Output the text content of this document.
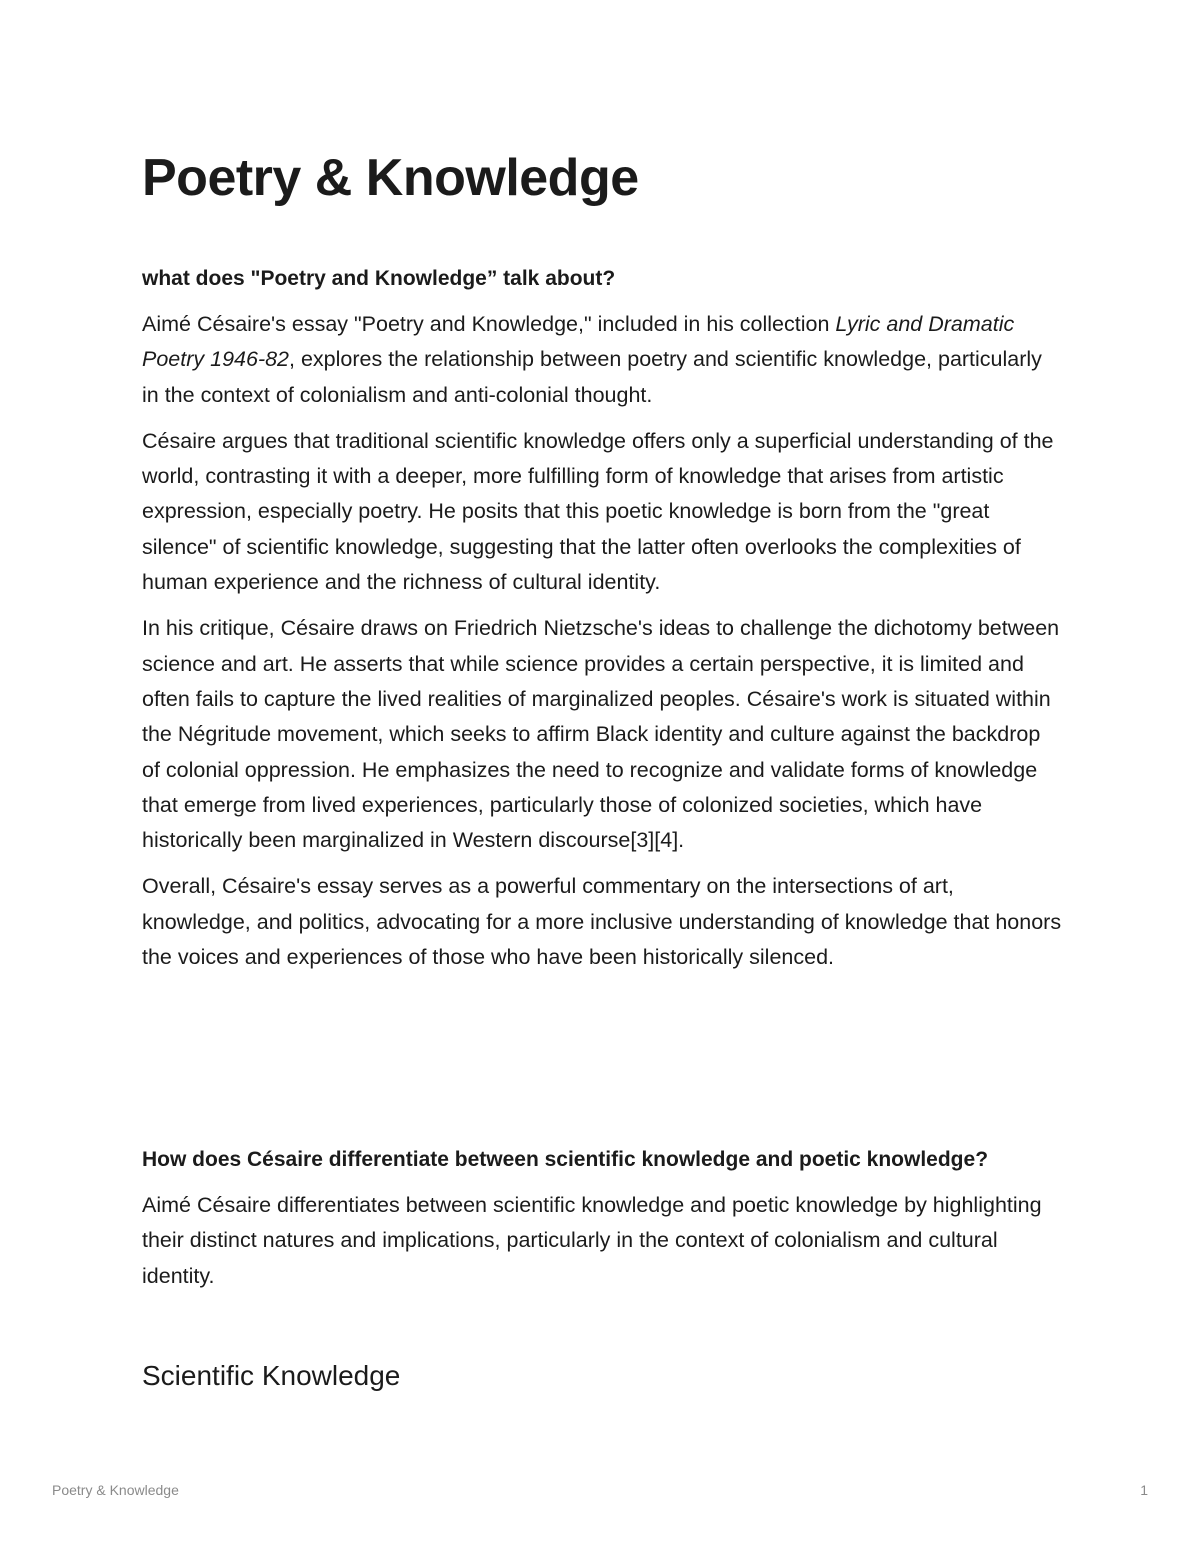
Poetry & Knowledge
what does "Poetry and Knowledge” talk about?

Aimé Césaire's essay "Poetry and Knowledge," included in his collection Lyric and Dramatic Poetry 1946-82, explores the relationship between poetry and scientific knowledge, particularly in the context of colonialism and anti-colonial thought.

Césaire argues that traditional scientific knowledge offers only a superficial understanding of the world, contrasting it with a deeper, more fulfilling form of knowledge that arises from artistic expression, especially poetry. He posits that this poetic knowledge is born from the "great silence" of scientific knowledge, suggesting that the latter often overlooks the complexities of human experience and the richness of cultural identity.

In his critique, Césaire draws on Friedrich Nietzsche's ideas to challenge the dichotomy between science and art. He asserts that while science provides a certain perspective, it is limited and often fails to capture the lived realities of marginalized peoples. Césaire's work is situated within the Négritude movement, which seeks to affirm Black identity and culture against the backdrop of colonial oppression. He emphasizes the need to recognize and validate forms of knowledge that emerge from lived experiences, particularly those of colonized societies, which have historically been marginalized in Western discourse[3][4].

Overall, Césaire's essay serves as a powerful commentary on the intersections of art, knowledge, and politics, advocating for a more inclusive understanding of knowledge that honors the voices and experiences of those who have been historically silenced.

How does Césaire differentiate between scientific knowledge and poetic knowledge?

Aimé Césaire differentiates between scientific knowledge and poetic knowledge by highlighting their distinct natures and implications, particularly in the context of colonialism and cultural identity.

Scientific Knowledge
Poetry & Knowledge	1
